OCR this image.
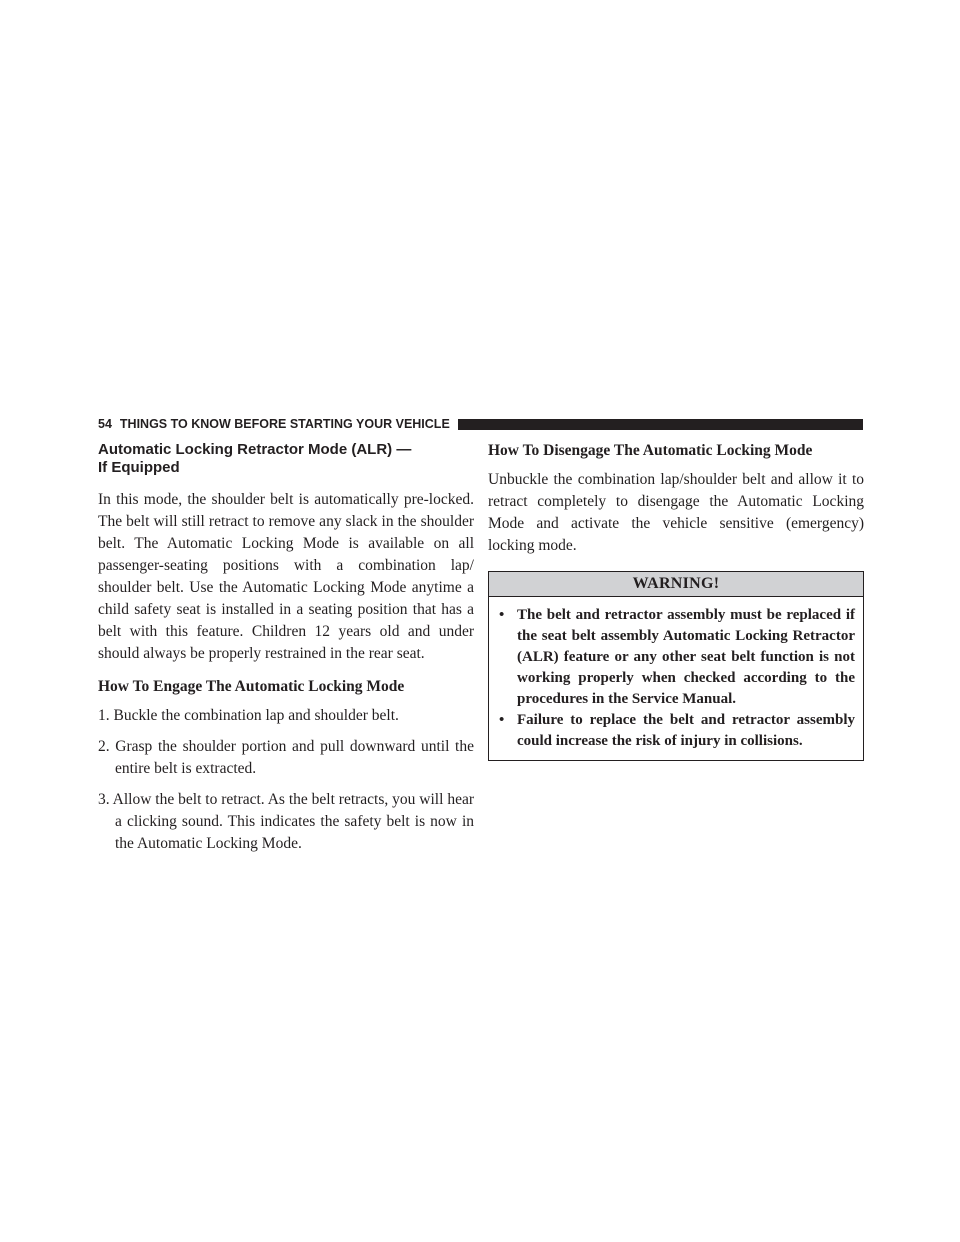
54 THINGS TO KNOW BEFORE STARTING YOUR VEHICLE
Automatic Locking Retractor Mode (ALR) —
If Equipped

In this mode, the shoulder belt is automatically pre-locked. The belt will still retract to remove any slack in the shoulder belt. The Automatic Locking Mode is available on all passenger-seating positions with a combination lap/ shoulder belt. Use the Automatic Locking Mode anytime a child safety seat is installed in a seating position that has a belt with this feature. Children 12 years old and under should always be properly restrained in the rear seat.

How To Engage The Automatic Locking Mode
1. Buckle the combination lap and shoulder belt.
2. Grasp the shoulder portion and pull downward until the entire belt is extracted.
3. Allow the belt to retract. As the belt retracts, you will hear a clicking sound. This indicates the safety belt is now in the Automatic Locking Mode.
How To Disengage The Automatic Locking Mode

Unbuckle the combination lap/shoulder belt and allow it to retract completely to disengage the Automatic Locking Mode and activate the vehicle sensitive (emergency) locking mode.

WARNING!
• The belt and retractor assembly must be replaced if the seat belt assembly Automatic Locking Retractor (ALR) feature or any other seat belt function is not working properly when checked according to the procedures in the Service Manual.
• Failure to replace the belt and retractor assembly could increase the risk of injury in collisions.
